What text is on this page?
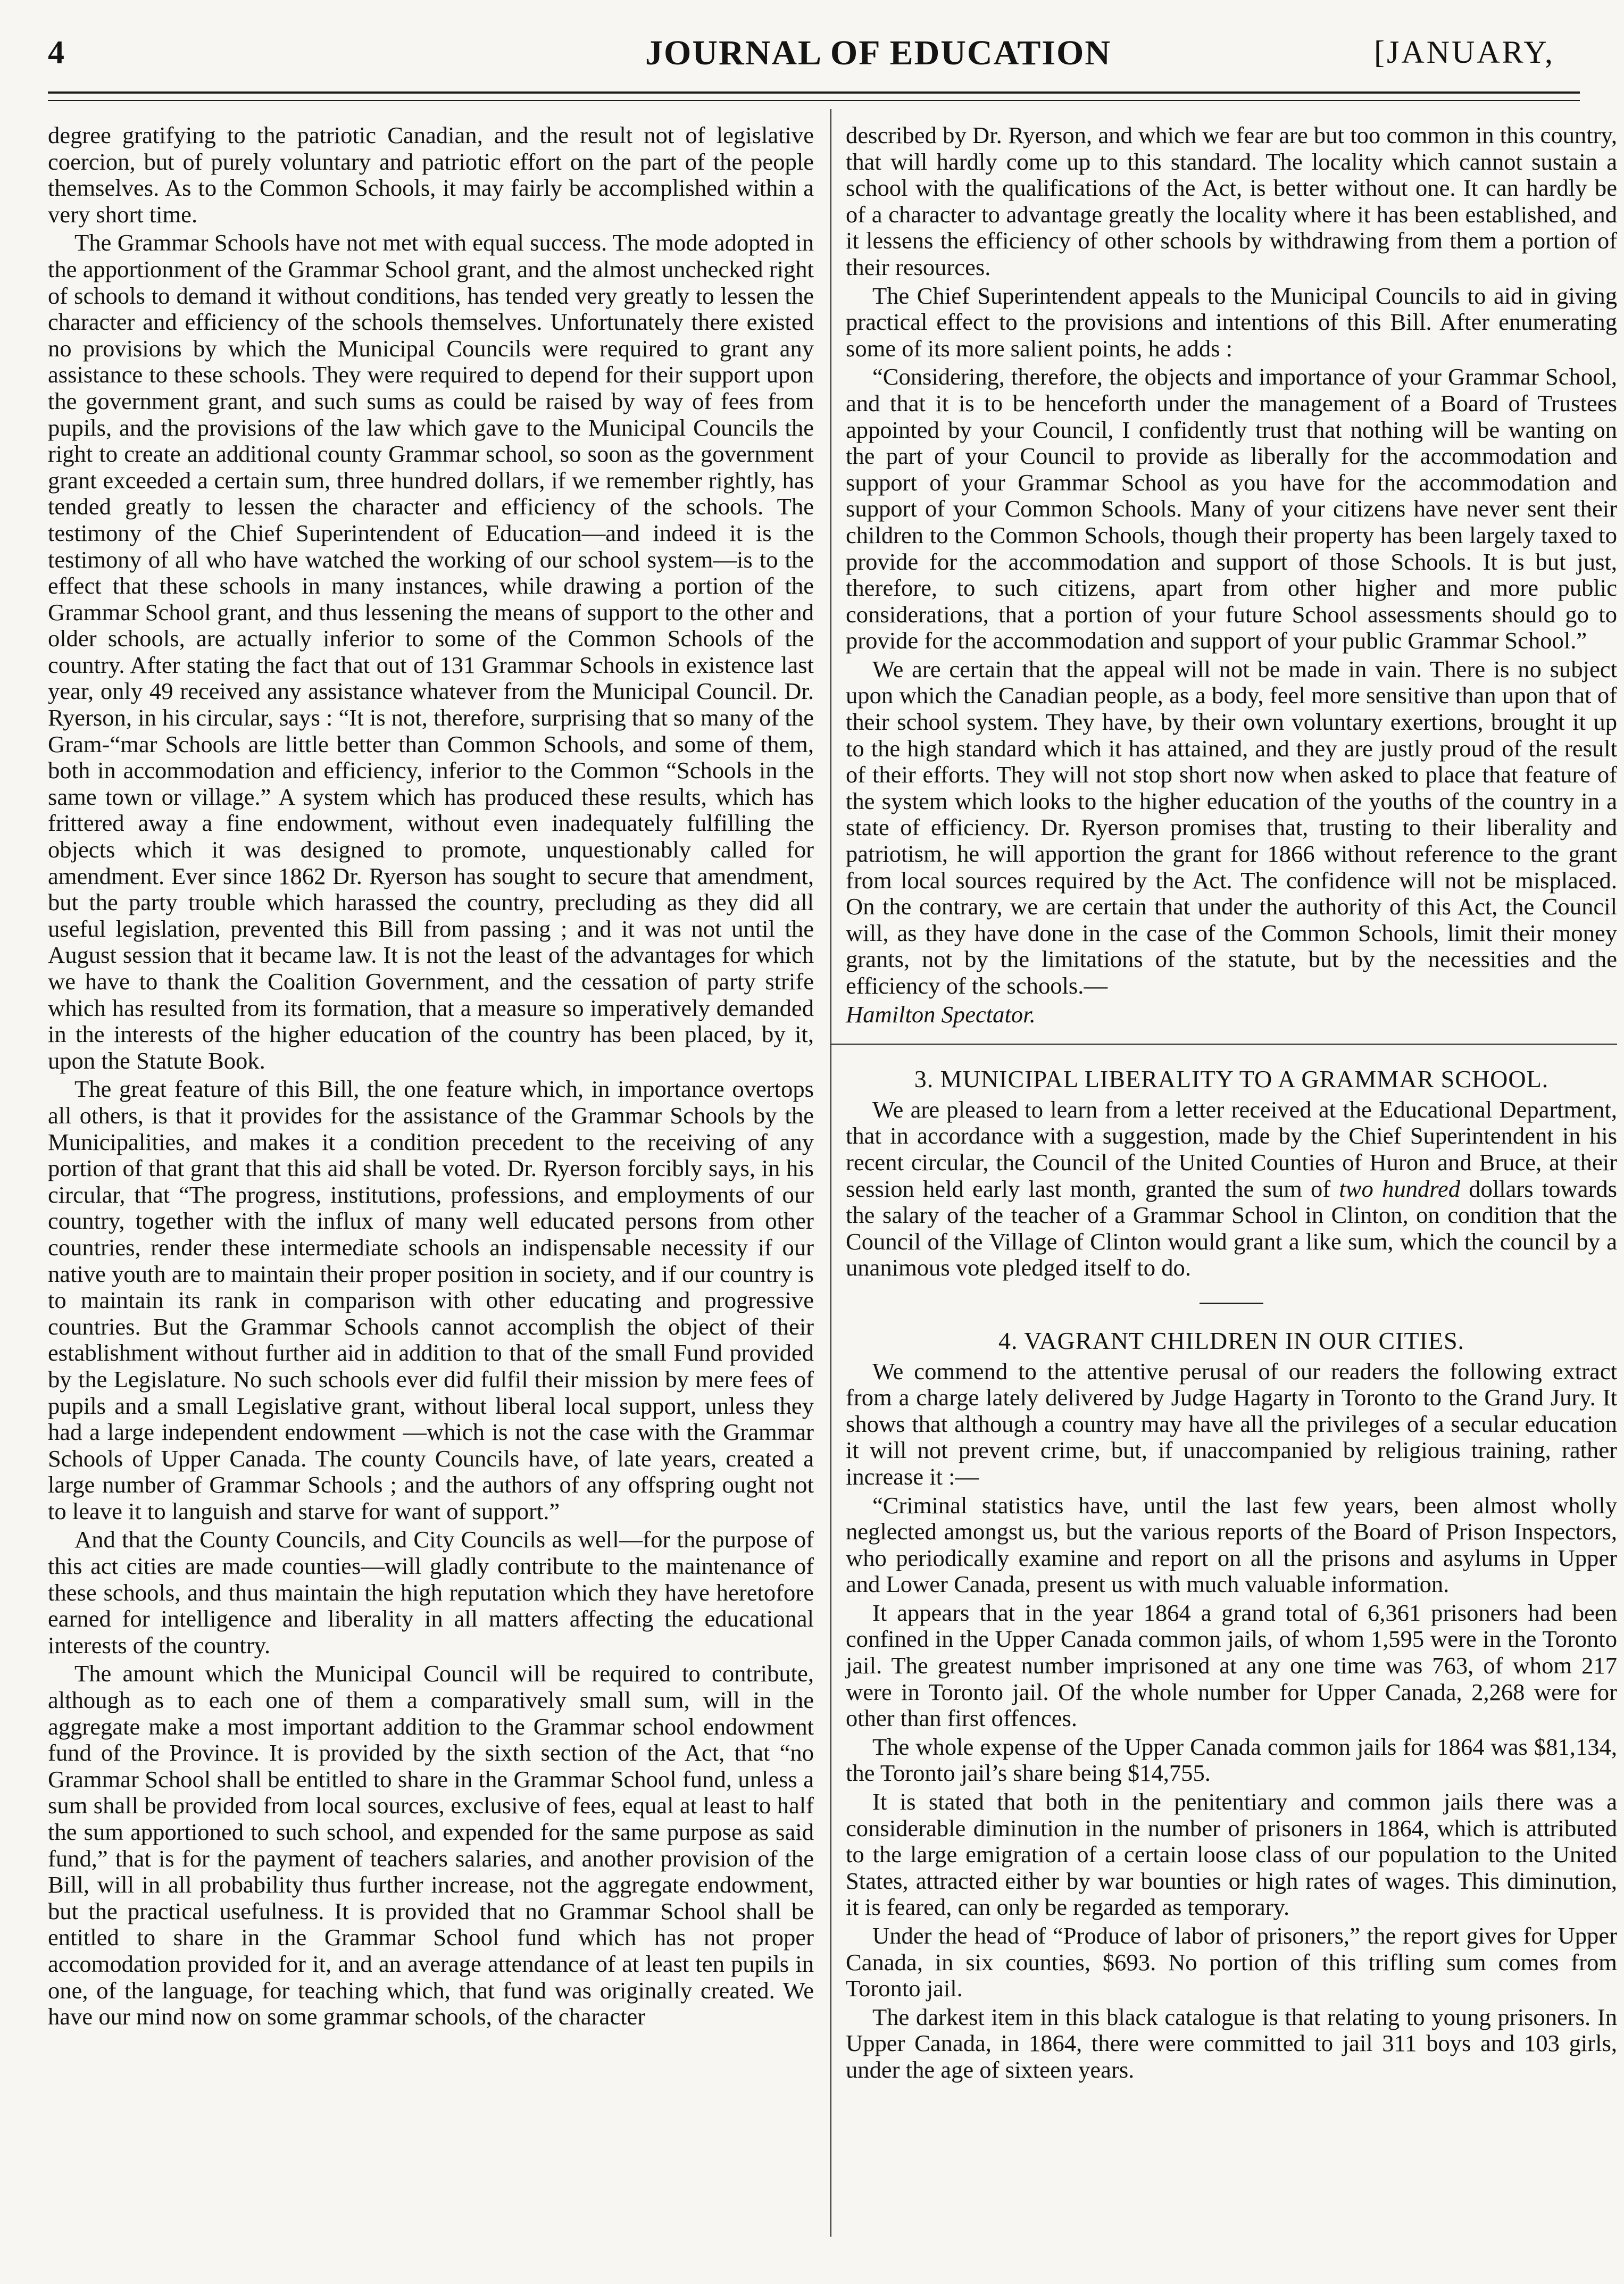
4	JOURNAL OF EDUCATION	[JANUARY,

degree gratifying to the patriotic Canadian, and the result not of legislative coercion, but of purely voluntary and patriotic effort on the part of the people themselves. As to the Common Schools, it may fairly be accomplished within a very short time.

The Grammar Schools have not met with equal success. The mode adopted in the apportionment of the Grammar School grant, and the almost unchecked right of schools to demand it without conditions, has tended very greatly to lessen the character and efficiency of the schools themselves. Unfortunately there existed no provisions by which the Municipal Councils were required to grant any assistance to these schools. They were required to depend for their support upon the government grant, and such sums as could be raised by way of fees from pupils, and the provisions of the law which gave to the Municipal Councils the right to create an additional county Grammar school, so soon as the government grant exceeded a certain sum, three hundred dollars, if we remember rightly, has tended greatly to lessen the character and efficiency of the schools. The testimony of the Chief Superintendent of Education—and indeed it is the testimony of all who have watched the working of our school system—is to the effect that these schools in many instances, while drawing a portion of the Grammar School grant, and thus lessening the means of support to the other and older schools, are actually inferior to some of the Common Schools of the country. After stating the fact that out of 131 Grammar Schools in existence last year, only 49 received any assistance whatever from the Municipal Council. Dr. Ryerson, in his circular, says : “It is not, therefore, surprising that so many of the Gram-“mar Schools are little better than Common Schools, and some of them, both in accommodation and efficiency, inferior to the Common “Schools in the same town or village.” A system which has produced these results, which has frittered away a fine endowment, without even inadequately fulfilling the objects which it was designed to promote, unquestionably called for amendment. Ever since 1862 Dr. Ryerson has sought to secure that amendment, but the party trouble which harassed the country, precluding as they did all useful legislation, prevented this Bill from passing ; and it was not until the August session that it became law. It is not the least of the advantages for which we have to thank the Coalition Government, and the cessation of party strife which has resulted from its formation, that a measure so imperatively demanded in the interests of the higher education of the country has been placed, by it, upon the Statute Book.

The great feature of this Bill, the one feature which, in importance overtops all others, is that it provides for the assistance of the Grammar Schools by the Municipalities, and makes it a condition precedent to the receiving of any portion of that grant that this aid shall be voted. Dr. Ryerson forcibly says, in his circular, that “The progress, institutions, professions, and employments of our country, together with the influx of many well educated persons from other countries, render these intermediate schools an indispensable necessity if our native youth are to maintain their proper position in society, and if our country is to maintain its rank in comparison with other educating and progressive countries. But the Grammar Schools cannot accomplish the object of their establishment without further aid in addition to that of the small Fund provided by the Legislature. No such schools ever did fulfil their mission by mere fees of pupils and a small Legislative grant, without liberal local support, unless they had a large independent endowment —which is not the case with the Grammar Schools of Upper Canada. The county Councils have, of late years, created a large number of Grammar Schools ; and the authors of any offspring ought not to leave it to languish and starve for want of support.”

And that the County Councils, and City Councils as well—for the purpose of this act cities are made counties—will gladly contribute to the maintenance of these schools, and thus maintain the high reputation which they have heretofore earned for intelligence and liberality in all matters affecting the educational interests of the country.

The amount which the Municipal Council will be required to contribute, although as to each one of them a comparatively small sum, will in the aggregate make a most important addition to the Grammar school endowment fund of the Province. It is provided by the sixth section of the Act, that “no Grammar School shall be entitled to share in the Grammar School fund, unless a sum shall be provided from local sources, exclusive of fees, equal at least to half the sum apportioned to such school, and expended for the same purpose as said fund,” that is for the payment of teachers salaries, and another provision of the Bill, will in all probability thus further increase, not the aggregate endowment, but the practical usefulness. It is provided that no Grammar School shall be entitled to share in the Grammar School fund which has not proper accomodation provided for it, and an average attendance of at least ten pupils in one, of the language, for teaching which, that fund was originally created. We have our mind now on some grammar schools, of the character

described by Dr. Ryerson, and which we fear are but too common in this country, that will hardly come up to this standard. The locality which cannot sustain a school with the qualifications of the Act, is better without one. It can hardly be of a character to advantage greatly the locality where it has been established, and it lessens the efficiency of other schools by withdrawing from them a portion of their resources.

The Chief Superintendent appeals to the Municipal Councils to aid in giving practical effect to the provisions and intentions of this Bill. After enumerating some of its more salient points, he adds :

“Considering, therefore, the objects and importance of your Grammar School, and that it is to be henceforth under the management of a Board of Trustees appointed by your Council, I confidently trust that nothing will be wanting on the part of your Council to provide as liberally for the accommodation and support of your Grammar School as you have for the accommodation and support of your Common Schools. Many of your citizens have never sent their children to the Common Schools, though their property has been largely taxed to provide for the accommodation and support of those Schools. It is but just, therefore, to such citizens, apart from other higher and more public considerations, that a portion of your future School assessments should go to provide for the accommodation and support of your public Grammar School.”

We are certain that the appeal will not be made in vain. There is no subject upon which the Canadian people, as a body, feel more sensitive than upon that of their school system. They have, by their own voluntary exertions, brought it up to the high standard which it has attained, and they are justly proud of the result of their efforts. They will not stop short now when asked to place that feature of the system which looks to the higher education of the youths of the country in a state of efficiency. Dr. Ryerson promises that, trusting to their liberality and patriotism, he will apportion the grant for 1866 without reference to the grant from local sources required by the Act. The confidence will not be misplaced. On the contrary, we are certain that under the authority of this Act, the Council will, as they have done in the case of the Common Schools, limit their money grants, not by the limitations of the statute, but by the necessities and the efficiency of the schools.—

Hamilton Spectator.

3. MUNICIPAL LIBERALITY TO A GRAMMAR SCHOOL.

We are pleased to learn from a letter received at the Educational Department, that in accordance with a suggestion, made by the Chief Superintendent in his recent circular, the Council of the United Counties of Huron and Bruce, at their session held early last month, granted the sum of two hundred dollars towards the salary of the teacher of a Grammar School in Clinton, on condition that the Council of the Village of Clinton would grant a like sum, which the council by a unanimous vote pledged itself to do.

4. VAGRANT CHILDREN IN OUR CITIES.

We commend to the attentive perusal of our readers the following extract from a charge lately delivered by Judge Hagarty in Toronto to the Grand Jury. It shows that although a country may have all the privileges of a secular education it will not prevent crime, but, if unaccompanied by religious training, rather increase it :—

“Criminal statistics have, until the last few years, been almost wholly neglected amongst us, but the various reports of the Board of Prison Inspectors, who periodically examine and report on all the prisons and asylums in Upper and Lower Canada, present us with much valuable information.

It appears that in the year 1864 a grand total of 6,361 prisoners had been confined in the Upper Canada common jails, of whom 1,595 were in the Toronto jail. The greatest number imprisoned at any one time was 763, of whom 217 were in Toronto jail. Of the whole number for Upper Canada, 2,268 were for other than first offences.

The whole expense of the Upper Canada common jails for 1864 was $81,134, the Toronto jail’s share being $14,755.

It is stated that both in the penitentiary and common jails there was a considerable diminution in the number of prisoners in 1864, which is attributed to the large emigration of a certain loose class of our population to the United States, attracted either by war bounties or high rates of wages. This diminution, it is feared, can only be regarded as temporary.

Under the head of “Produce of labor of prisoners,” the report gives for Upper Canada, in six counties, $693. No portion of this trifling sum comes from Toronto jail.

The darkest item in this black catalogue is that relating to young prisoners. In Upper Canada, in 1864, there were committed to jail 311 boys and 103 girls, under the age of sixteen years.
